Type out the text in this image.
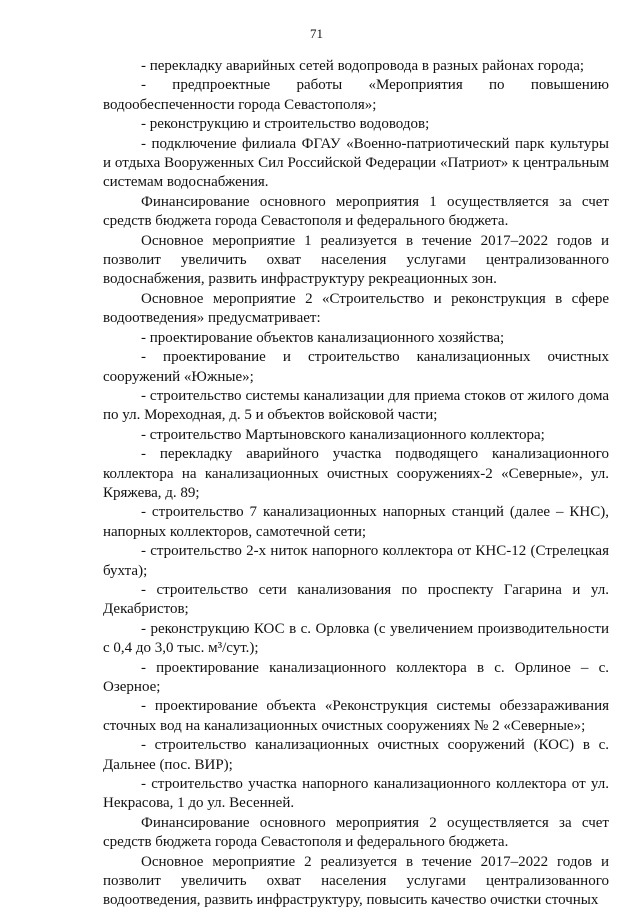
71

- перекладку аварийных сетей водопровода в разных районах города;

- предпроектные работы «Мероприятия по повышению водообеспеченности города Севастополя»;

- реконструкцию и строительство водоводов;

- подключение филиала ФГАУ «Военно-патриотический парк культуры и отдыха Вооруженных Сил Российской Федерации «Патриот» к центральным системам водоснабжения.

Финансирование основного мероприятия 1 осуществляется за счет средств бюджета города Севастополя и федерального бюджета.

Основное мероприятие 1 реализуется в течение 2017–2022 годов и позволит увеличить охват населения услугами централизованного водоснабжения, развить инфраструктуру рекреационных зон.

Основное мероприятие 2 «Строительство и реконструкция в сфере водоотведения» предусматривает:

- проектирование объектов канализационного хозяйства;

- проектирование и строительство канализационных очистных сооружений «Южные»;

- строительство системы канализации для приема стоков от жилого дома по ул. Мореходная, д. 5 и объектов войсковой части;

- строительство Мартыновского канализационного коллектора;

- перекладку аварийного участка подводящего канализационного коллектора на канализационных очистных сооружениях-2 «Северные», ул. Кряжева, д. 89;

- строительство 7 канализационных напорных станций (далее – КНС), напорных коллекторов, самотечной сети;

- строительство 2-х ниток напорного коллектора от КНС-12 (Стрелецкая бухта);

- строительство сети канализования по проспекту Гагарина и ул. Декабристов;

- реконструкцию КОС в с. Орловка (с увеличением производительности с 0,4 до 3,0 тыс. м³/сут.);

- проектирование канализационного коллектора в с. Орлиное – с. Озерное;

- проектирование объекта «Реконструкция системы обеззараживания сточных вод на канализационных очистных сооружениях № 2 «Северные»;

- строительство канализационных очистных сооружений (КОС) в с. Дальнее (пос. ВИР);

- строительство участка напорного канализационного коллектора от ул. Некрасова, 1 до ул. Весенней.

Финансирование основного мероприятия 2 осуществляется за счет средств бюджета города Севастополя и федерального бюджета.

Основное мероприятие 2 реализуется в течение 2017–2022 годов и позволит увеличить охват населения услугами централизованного водоотведения, развить инфраструктуру, повысить качество очистки сточных
